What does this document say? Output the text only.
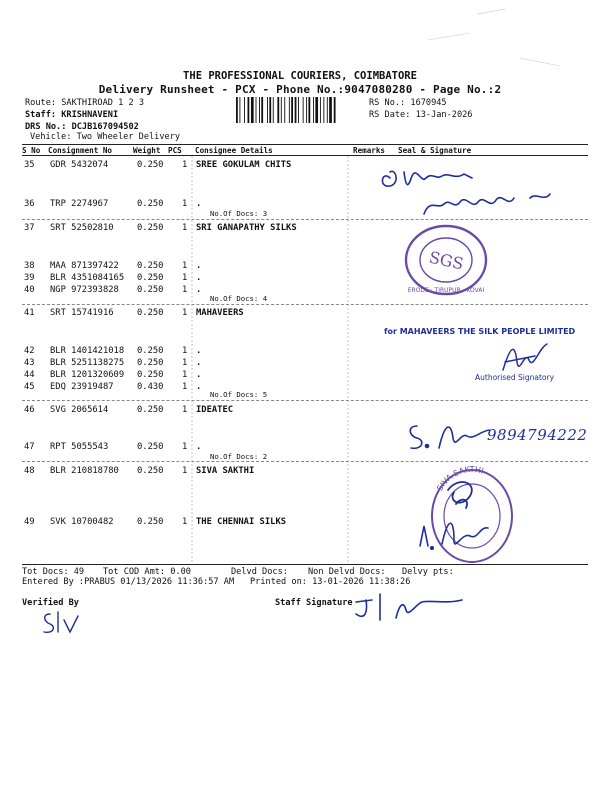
THE PROFESSIONAL COURIERS, COIMBATORE
Delivery Runsheet - PCX - Phone No.:9047080280 - Page No.:2
Route: SAKTHIROAD 1 2 3
Staff: KRISHNAVENI
DRS No.: DCJB167094502
Vehicle: Two Wheeler Delivery
RS No.: 1670945
RS Date: 13-Jan-2026
S No Consignment No	Weight PCS Consignee Details	Remarks Seal & Signature
35 GDR 5432074	0.250 1 SREE GOKULAM CHITS
36 TRP 2274967	0.250 1 .
37 SRT 52502810	0.250 1 SRI GANAPATHY SILKS
38 MAA 871397422 0.250 1 .
39 BLR 4351084165 0.250 1 .
40 NGP 972393828 0.250 1 .
41 SRT 15741916	0.250 1 MAHAVEERS
42 BLR 1401421018 0.250 1 .
43 BLR 5251138275 0.250 1 .
44 BLR 1201320609 0.250 1 .
45 EDQ 23919487	0.430 1 .
46 SVG 2065614	0.250 1 IDEATEC
47 RPT 5055543	0.250 1 .
48 BLR 210818780 0.250 1 SIVA SAKTHI
49 SVK 10700482	0.250 1 THE CHENNAI SILKS
No.Of Docs: 3
No.Of Docs: 4
No.Of Docs: 5
No.Of Docs: 2
SGS
ERODE · TIRUPUR · KOVAI
for MAHAVEERS THE SILK PEOPLE LIMITED
Authorised Signatory
9894794222
SIVA SAKTHI
Tot Docs: 49 Tot COD Amt: 0.00	Delvd Docs: Non Delvd Docs: Delvy pts:
Entered By :PRABUS 01/13/2026 11:36:57 AM Printed on: 13-01-2026 11:38:26
Verified By	Staff Signature
